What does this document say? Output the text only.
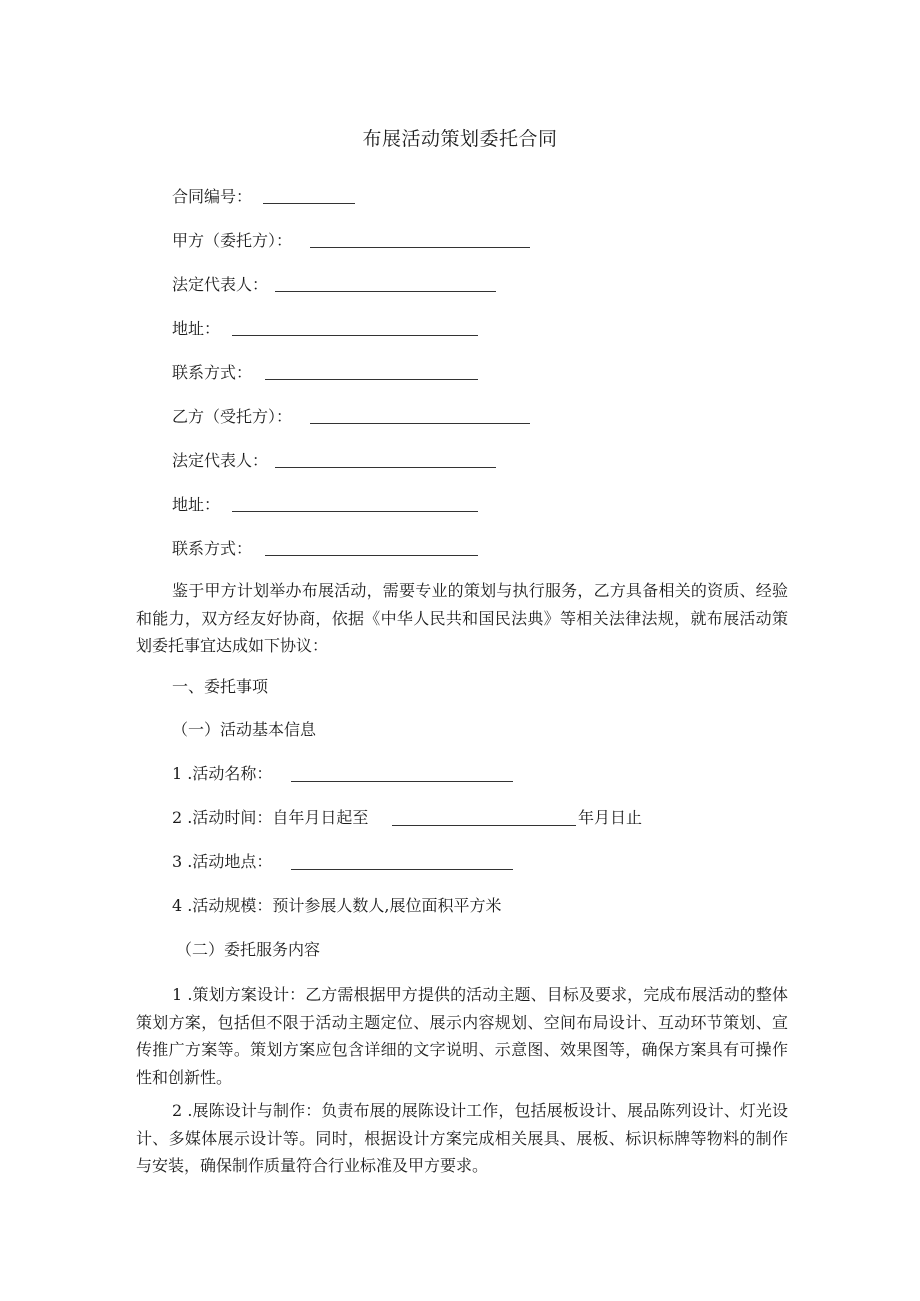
布展活动策划委托合同
合同编号：
甲方（委托方）：
法定代表人：
地址：
联系方式：
乙方（受托方）：
法定代表人：
地址：
联系方式：
鉴于甲方计划举办布展活动，需要专业的策划与执行服务，乙方具备相关的资质、经验和能力，双方经友好协商，依据《中华人民共和国民法典》等相关法律法规，就布展活动策划委托事宜达成如下协议：
一、委托事项
（一）活动基本信息
1 .活动名称：
2 .活动时间：自年月日起至	年月日止
3 .活动地点：
4 .活动规模：预计参展人数人,展位面积平方米
（二）委托服务内容
1 .策划方案设计：乙方需根据甲方提供的活动主题、目标及要求，完成布展活动的整体策划方案，包括但不限于活动主题定位、展示内容规划、空间布局设计、互动环节策划、宣传推广方案等。策划方案应包含详细的文字说明、示意图、效果图等，确保方案具有可操作性和创新性。
2 .展陈设计与制作：负责布展的展陈设计工作，包括展板设计、展品陈列设计、灯光设计、多媒体展示设计等。同时，根据设计方案完成相关展具、展板、标识标牌等物料的制作与安装，确保制作质量符合行业标准及甲方要求。
